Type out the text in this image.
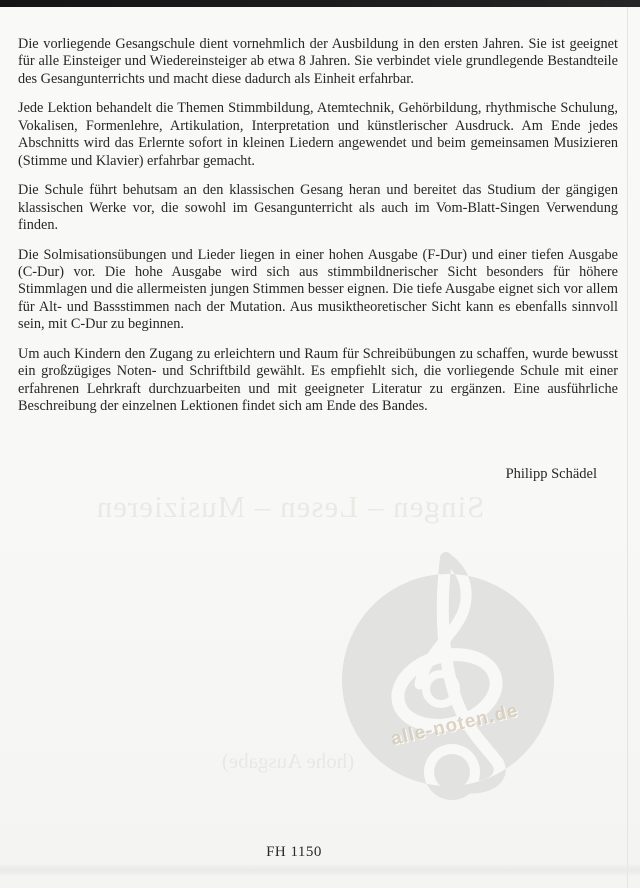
alle-noten.de
Singen – Lesen – Musizieren
(hohe Ausgabe)

Die vorliegende Gesangschule dient vornehmlich der Ausbildung in den ersten Jahren. Sie ist geeignet für alle Einsteiger und Wiedereinsteiger ab etwa 8 Jahren. Sie verbindet viele grundlegende Bestandteile des Gesangunterrichts und macht diese dadurch als Einheit erfahrbar.

Jede Lektion behandelt die Themen Stimmbildung, Atemtechnik, Gehörbildung, rhythmische Schulung, Vokalisen, Formenlehre, Artikulation, Interpretation und künstlerischer Ausdruck. Am Ende jedes Abschnitts wird das Erlernte sofort in kleinen Liedern angewendet und beim gemeinsamen Musizieren (Stimme und Klavier) erfahrbar gemacht.

Die Schule führt behutsam an den klassischen Gesang heran und bereitet das Studium der gängigen klassischen Werke vor, die sowohl im Gesangunterricht als auch im Vom-Blatt-Singen Verwendung finden.

Die Solmisationsübungen und Lieder liegen in einer hohen Ausgabe (F-Dur) und einer tiefen Ausgabe (C-Dur) vor. Die hohe Ausgabe wird sich aus stimmbildnerischer Sicht besonders für höhere Stimmlagen und die allermeisten jungen Stimmen besser eignen. Die tiefe Ausgabe eignet sich vor allem für Alt- und Bassstimmen nach der Mutation. Aus musiktheoretischer Sicht kann es ebenfalls sinnvoll sein, mit C-Dur zu beginnen.

Um auch Kindern den Zugang zu erleichtern und Raum für Schreibübungen zu schaffen, wurde bewusst ein großzügiges Noten- und Schriftbild gewählt. Es empfiehlt sich, die vorliegende Schule mit einer erfahrenen Lehrkraft durchzuarbeiten und mit geeigneter Literatur zu ergänzen. Eine ausführliche Beschreibung der einzelnen Lektionen findet sich am Ende des Bandes.

Philipp Schädel
FH 1150
